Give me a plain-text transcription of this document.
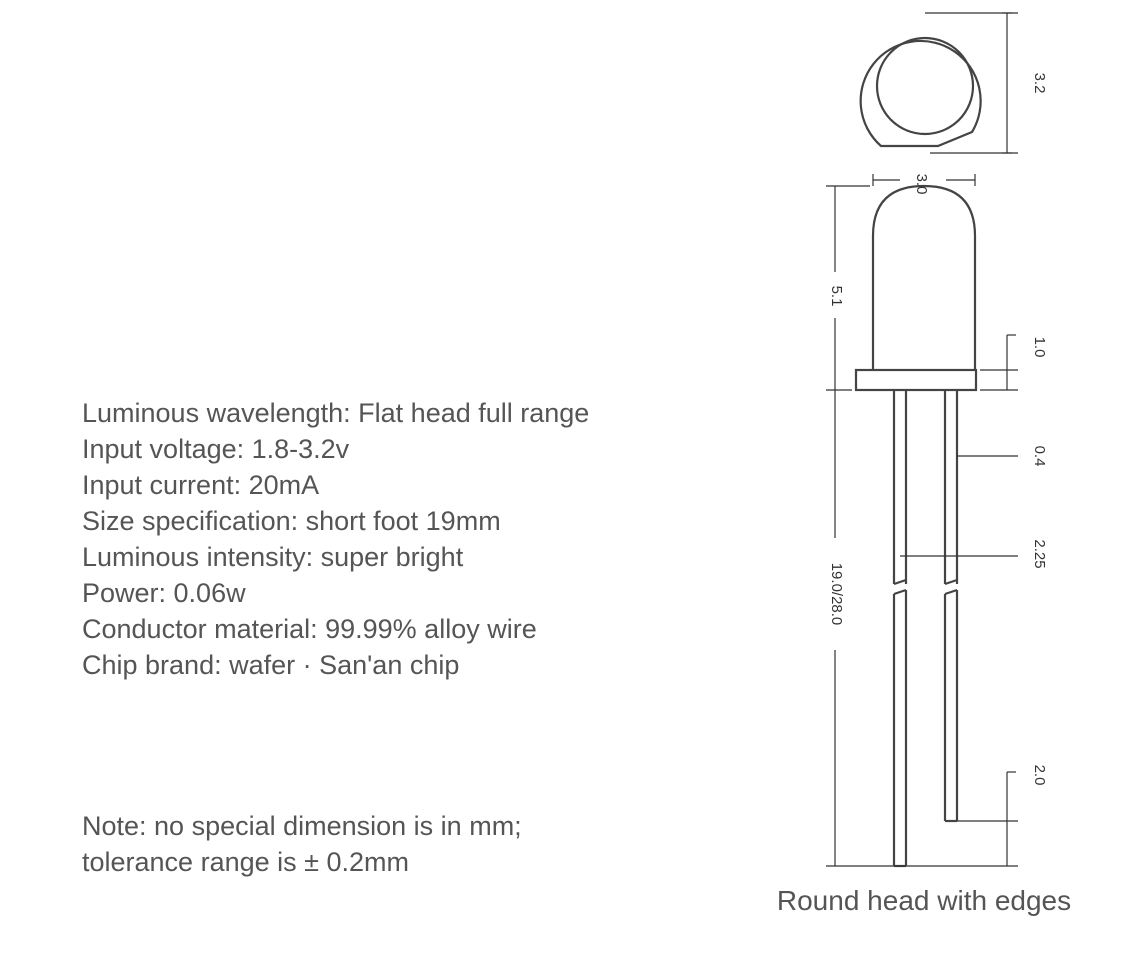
Luminous wavelength: Flat head full range
Input voltage: 1.8-3.2v
Input current: 20mA
Size specification: short foot 19mm
Luminous intensity: super bright
Power: 0.06w
Conductor material: 99.99% alloy wire
Chip brand: wafer · San'an chip
Note: no special dimension is in mm;
tolerance range is ± 0.2mm
3.2
3.0
5.1
1.0
0.4
2.25
19.0/28.0
2.0
Round head with edges
